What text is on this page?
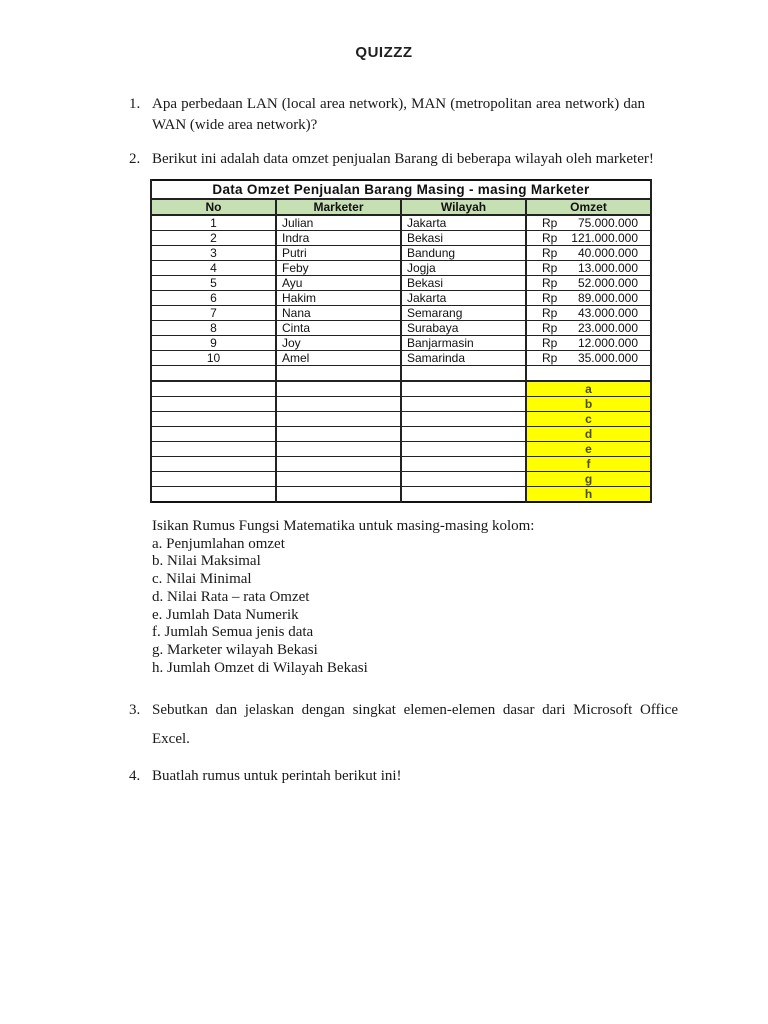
QUIZZZ
1. Apa perbedaan LAN (local area network), MAN (metropolitan area network) dan
WAN (wide area network)?
2. Berikut ini adalah data omzet penjualan Barang di beberapa wilayah oleh marketer!
Data Omzet Penjualan Barang Masing - masing Marketer			
No	Marketer	Wilayah	Omzet
1	Julian	Jakarta	Rp 75.000.000

2	Indra	Bekasi	Rp 121.000.000

3	Putri	Bandung	Rp 40.000.000

4	Feby	Jogja	Rp 13.000.000

5	Ayu	Bekasi	Rp 52.000.000

6	Hakim	Jakarta	Rp 89.000.000

7	Nana	Semarang	Rp 43.000.000

8	Cinta	Surabaya	Rp 23.000.000

9	Joy	Banjarmasin	Rp 12.000.000

10	Amel	Samarinda	Rp 35.000.000

			a
			b
			c
			d
			e
			f
			g
			h
Isikan Rumus Fungsi Matematika untuk masing-masing kolom:
a. Penjumlahan omzet
b. Nilai Maksimal
c. Nilai Minimal
d. Nilai Rata – rata Omzet
e. Jumlah Data Numerik
f. Jumlah Semua jenis data
g. Marketer wilayah Bekasi
h. Jumlah Omzet di Wilayah Bekasi
3. Sebutkan dan jelaskan dengan singkat elemen-elemen dasar dari Microsoft Office
Excel.
4. Buatlah rumus untuk perintah berikut ini!
